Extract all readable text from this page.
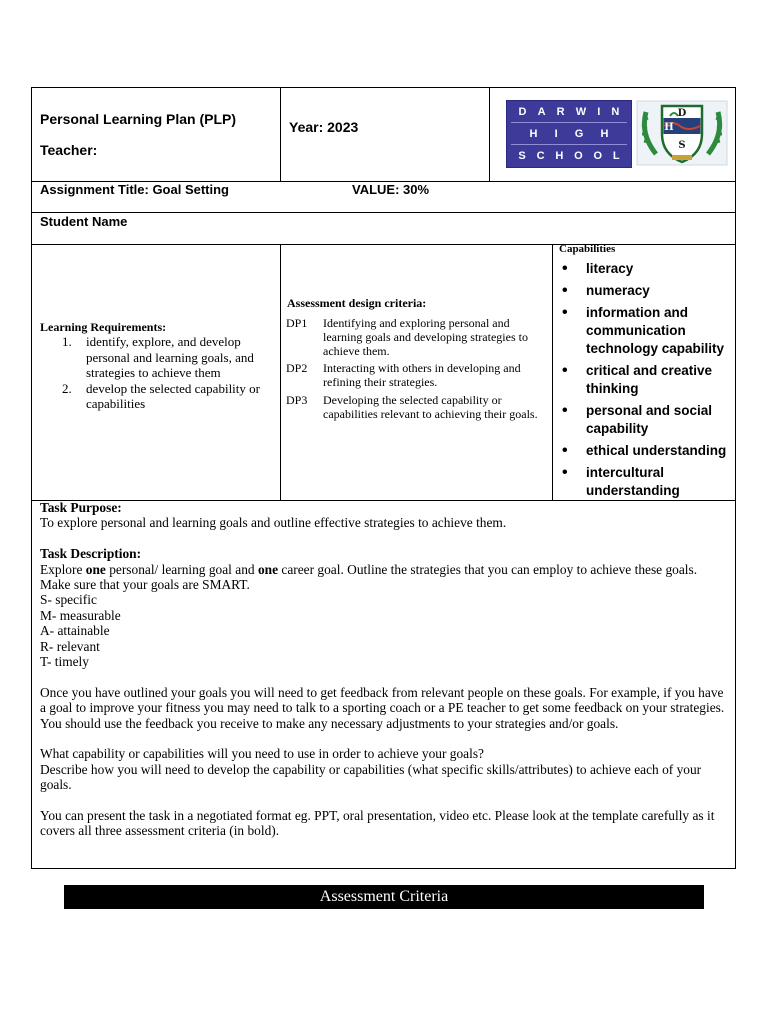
Personal Learning Plan (PLP)
Teacher:
Year: 2023
D A R W I N
H I G H
S C H O O L
D
H
S
Assignment Title: Goal Setting	VALUE: 30%
Student Name
Learning Requirements:
1. identify, explore, and develop personal and learning goals, and strategies to achieve them
2. develop the selected capability or capabilities
Assessment design criteria:
DP1 Identifying and exploring personal and learning goals and developing strategies to achieve them.
DP2 Interacting with others in developing and refining their strategies.
DP3 Developing the selected capability or capabilities relevant to achieving their goals.
Capabilities
• literacy
• numeracy
• information and communication technology capability
• critical and creative thinking
• personal and social capability
• ethical understanding
• intercultural understanding

Task Purpose:

To explore personal and learning goals and outline effective strategies to achieve them.

Task Description:

Explore one personal/ learning goal and one career goal. Outline the strategies that you can employ to achieve these goals. Make sure that your goals are SMART.

S- specific

M- measurable

A- attainable

R- relevant

T- timely

Once you have outlined your goals you will need to get feedback from relevant people on these goals. For example, if you have a goal to improve your fitness you may need to talk to a sporting coach or a PE teacher to get some feedback on your strategies. You should use the feedback you receive to make any necessary adjustments to your strategies and/or goals.

What capability or capabilities will you need to use in order to achieve your goals?

Describe how you will need to develop the capability or capabilities (what specific skills/attributes) to achieve each of your goals.

You can present the task in a negotiated format eg. PPT, oral presentation, video etc. Please look at the template carefully as it covers all three assessment criteria (in bold).

Assessment Criteria
